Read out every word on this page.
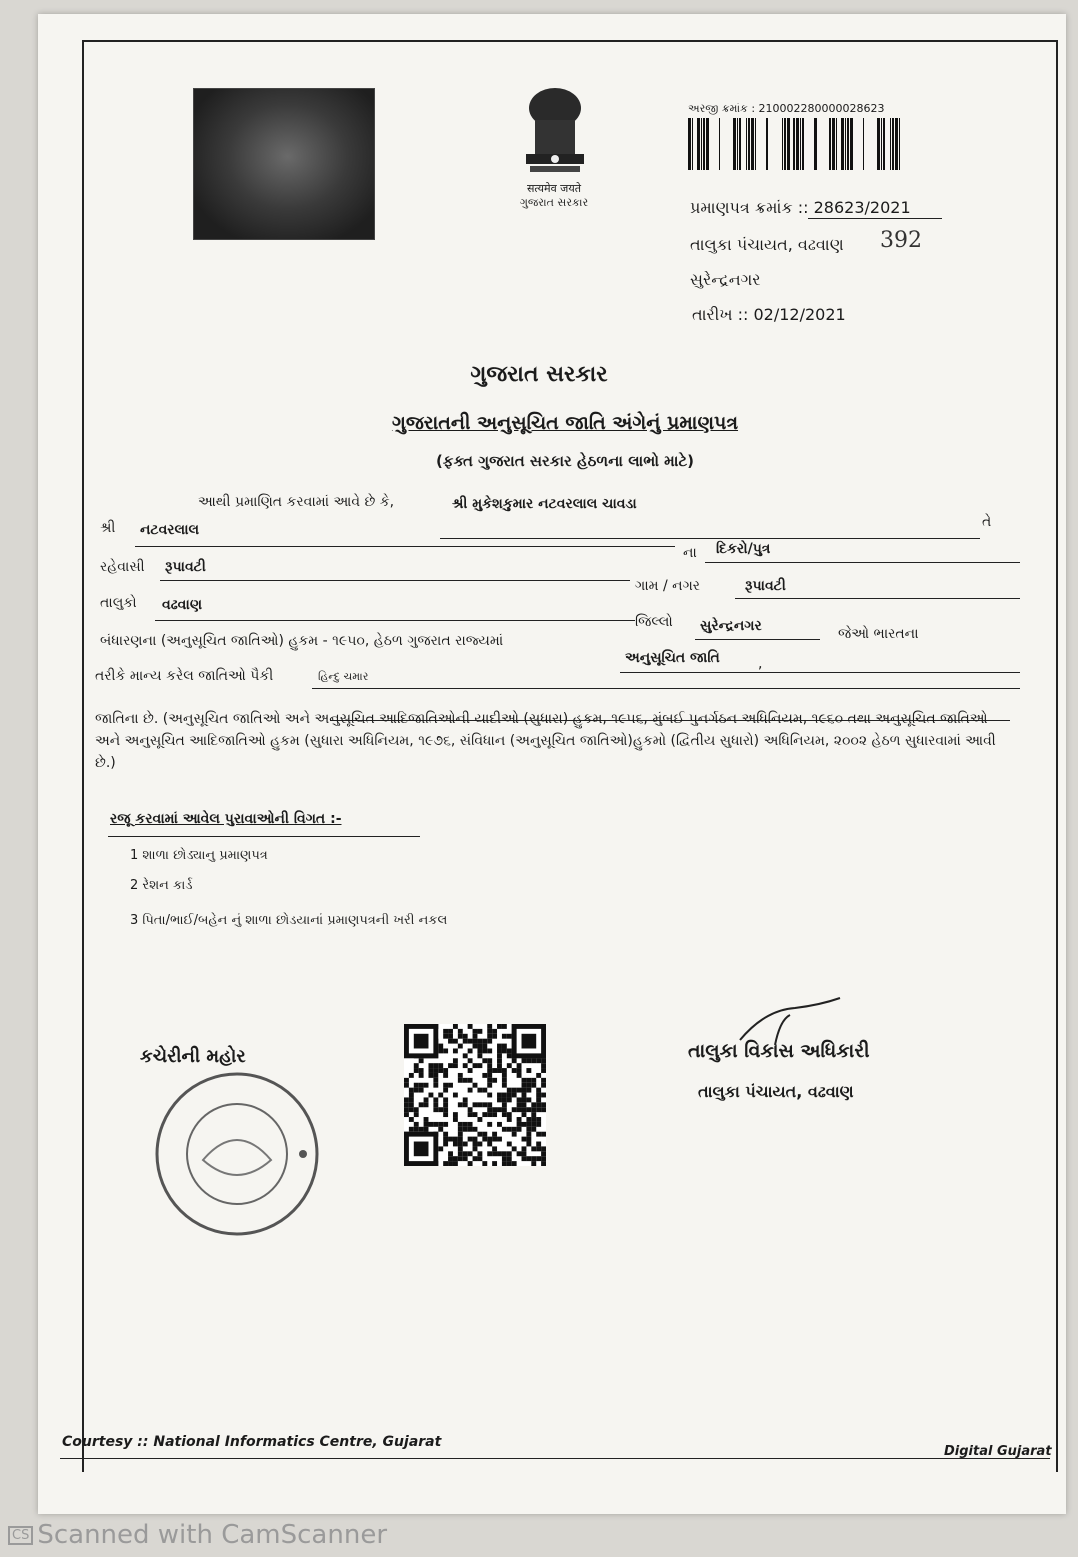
सत्यमेव जयते
ગુજરાત સરકાર
અરજી ક્રમાંક : 210002280000028623
પ્રમાણપત્ર ક્રમાંક :: 28623/2021
તાલુકા પંચાયત, વઢવાણ 392
સુરેન્દ્રનગર
તારીખ :: 02/12/2021
ગુજરાત સરકાર
ગુજરાતની અનુસૂચિત જાતિ અંગેનું પ્રમાણપત્ર
(ફક્ત ગુજરાત સરકાર હેઠળના લાભો માટે)
આથી પ્રમાણિત કરવામાં આવે છે કે,	શ્રી મુકેશકુમાર નટવરલાલ ચાવડા
તે
શ્રી નટવરલાલ
ના દિકરો/પુત્ર
રહેવાસી રૂપાવટી
ગામ / નગર	રૂપાવટી
તાલુકો વઢવાણ
જિલ્લો સુરેન્દ્રનગર	જેઓ ભારતના
બંધારણના (અનુસૂચિત જાતિઓ) હુકમ - ૧૯૫૦, હેઠળ ગુજરાત રાજ્યમાં
અનુસૂચિત જાતિ	,
તરીકે માન્ય કરેલ જાતિઓ પૈકી	હિન્દુ ચમાર
જાતિના છે. (અનુસૂચિત જાતિઓ અને અનુસૂચિત આદિજાતિઓની યાદીઓ (સુધારા) હુકમ, ૧૯૫૬, મુંબઈ પુનર્ગઠન અધિનિયમ, ૧૯૬૦ તથા અનુસૂચિત જાતિઓ અને અનુસૂચિત આદિજાતિઓ હુકમ (સુધારા અધિનિયમ, ૧૯૭૬, સંવિધાન (અનુસૂચિત જાતિઓ)હુકમો (દ્વિતીય સુધારો) અધિનિયમ, ૨૦૦૨ હેઠળ સુધારવામાં આવી છે.)
રજૂ કરવામાં આવેલ પુરાવાઓની વિગત :-
1 શાળા છોડ્યાનુ પ્રમાણપત્ર
2 રેશન કાર્ડ
3 પિતા/ભાઈ/બહેન નું શાળા છોડયાનાં પ્રમાણપત્રની ખરી નકલ
કચેરીની મહોર	તાલુકા વિકાસ અધિકારી
તાલુકા પંચાયત, વઢવાણ
Courtesy :: National Informatics Centre, Gujarat
Digital Gujarat
CS Scanned with CamScanner
